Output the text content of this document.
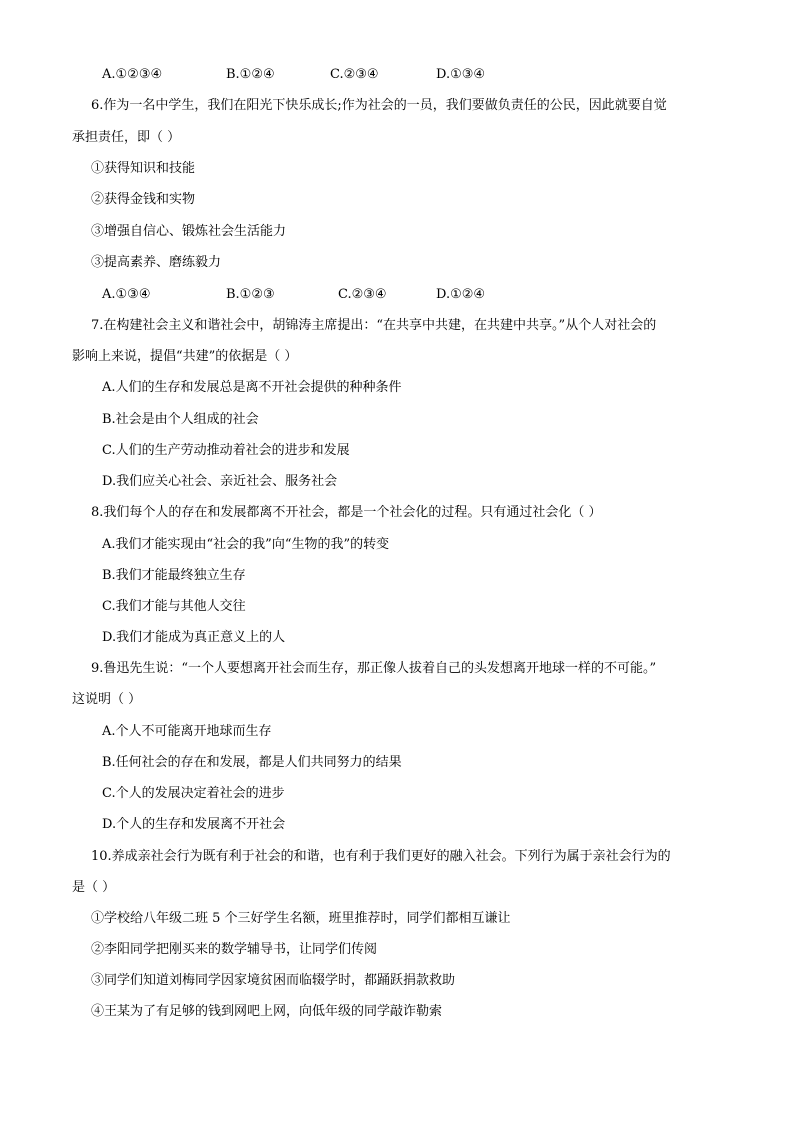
A.①②③④	B.①②④	C.②③④	D.①③④
6.作为一名中学生，我们在阳光下快乐成长;作为社会的一员，我们要做负责任的公民，因此就要自觉
承担责任，即（ ）
①获得知识和技能
②获得金钱和实物
③增强自信心、锻炼社会生活能力
③提高素养、磨练毅力
A.①③④	B.①②③	C.②③④	D.①②④
7.在构建社会主义和谐社会中，胡锦涛主席提出：“在共享中共建，在共建中共享。”从个人对社会的
影响上来说，提倡“共建”的依据是（ ）
A.人们的生存和发展总是离不开社会提供的种种条件
B.社会是由个人组成的社会
C.人们的生产劳动推动着社会的进步和发展
D.我们应关心社会、亲近社会、服务社会
8.我们每个人的存在和发展都离不开社会，都是一个社会化的过程。只有通过社会化（ ）
A.我们才能实现由“社会的我”向“生物的我”的转变
B.我们才能最终独立生存
C.我们才能与其他人交往
D.我们才能成为真正意义上的人
9.鲁迅先生说：“一个人要想离开社会而生存，那正像人拔着自己的头发想离开地球一样的不可能。”
这说明（ ）
A.个人不可能离开地球而生存
B.任何社会的存在和发展，都是人们共同努力的结果
C.个人的发展决定着社会的进步
D.个人的生存和发展离不开社会
10.养成亲社会行为既有利于社会的和谐，也有利于我们更好的融入社会。下列行为属于亲社会行为的
是（ ）
①学校给八年级二班 5 个三好学生名额，班里推荐时，同学们都相互谦让
②李阳同学把刚买来的数学辅导书，让同学们传阅
③同学们知道刘梅同学因家境贫困而临辍学时，都踊跃捐款救助
④王某为了有足够的钱到网吧上网，向低年级的同学敲诈勒索
